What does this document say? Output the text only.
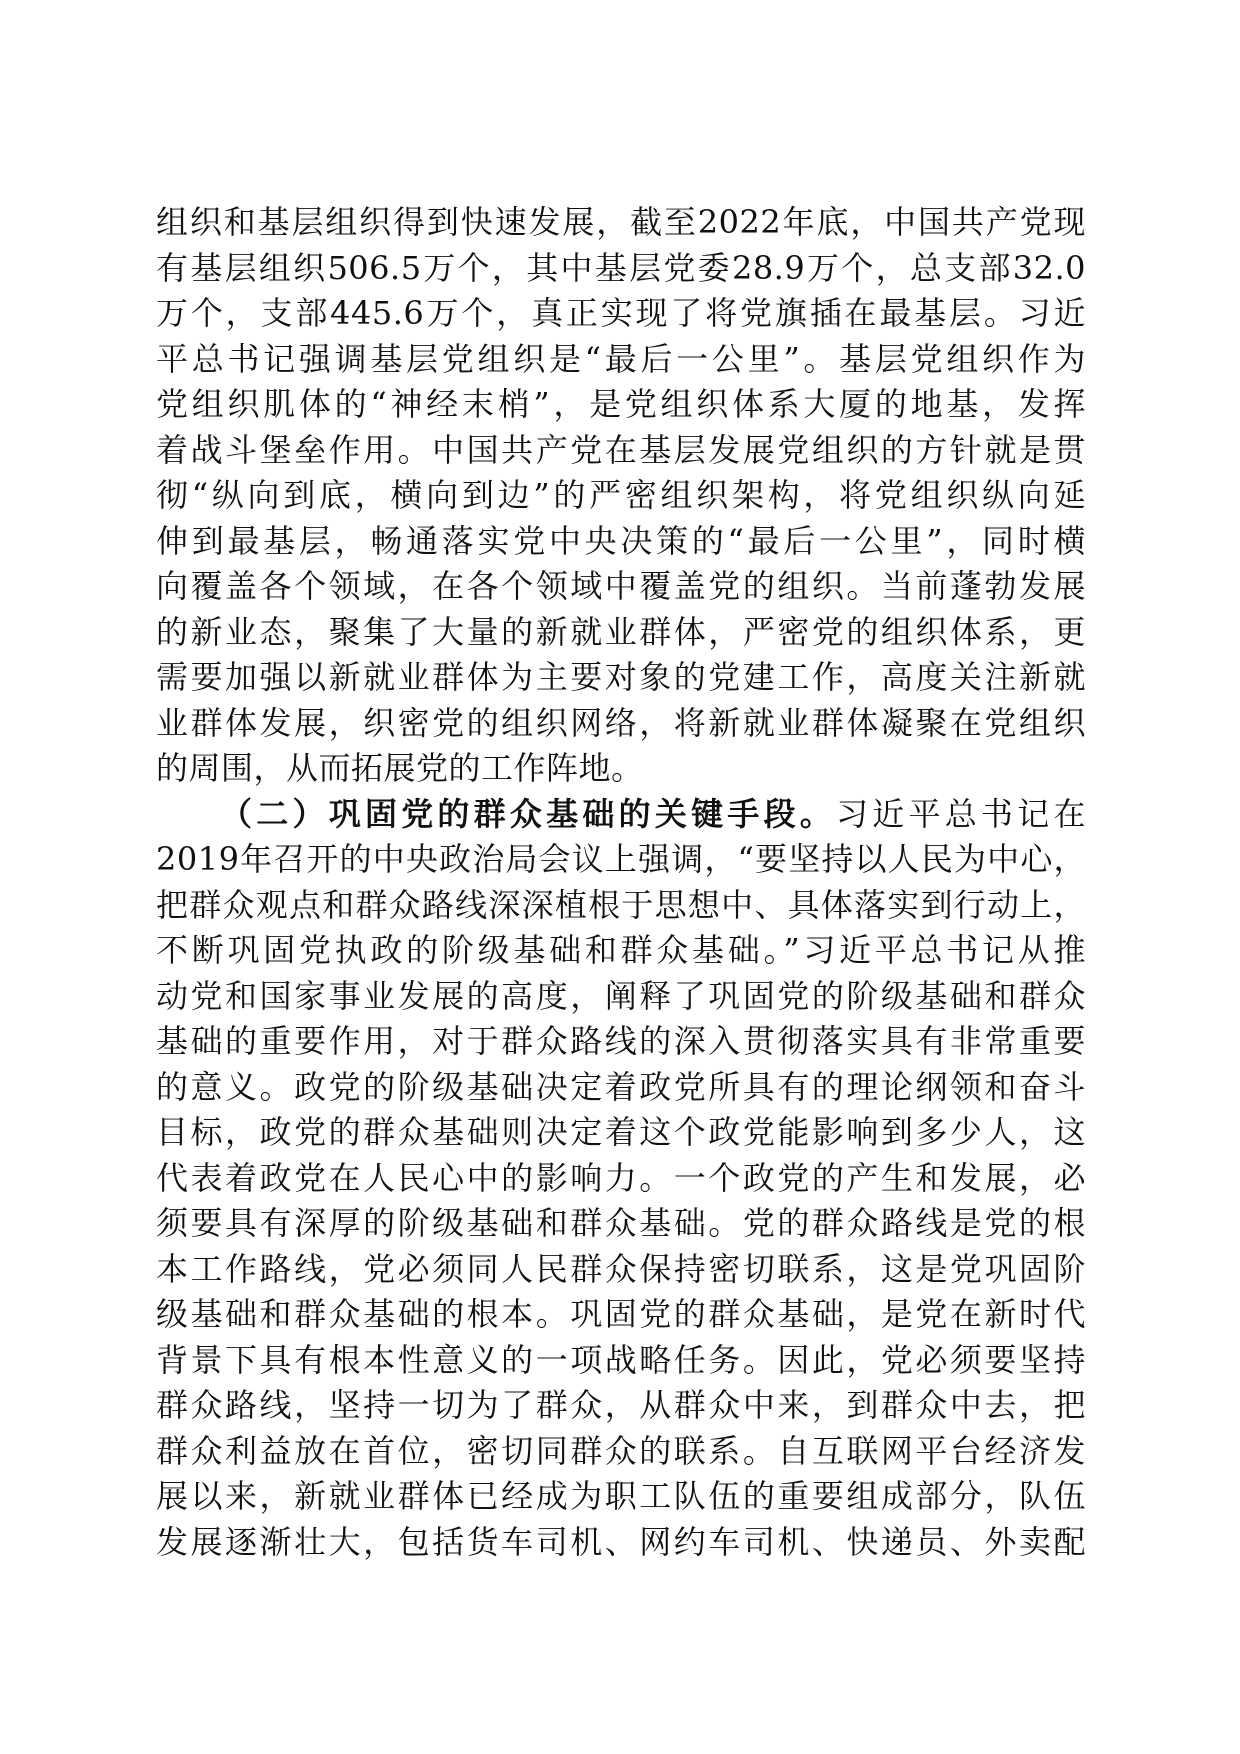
组织和基层组织得到快速发展，截至2022年底，中国共产党现
有基层组织506.5万个，其中基层党委28.9万个，总支部32.0
万个，支部445.6万个，真正实现了将党旗插在最基层。习近
平总书记强调基层党组织是“最后一公里”。基层党组织作为
党组织肌体的“神经末梢”，是党组织体系大厦的地基，发挥
着战斗堡垒作用。中国共产党在基层发展党组织的方针就是贯
彻“纵向到底，横向到边”的严密组织架构，将党组织纵向延
伸到最基层，畅通落实党中央决策的“最后一公里”，同时横
向覆盖各个领域，在各个领域中覆盖党的组织。当前蓬勃发展
的新业态，聚集了大量的新就业群体，严密党的组织体系，更
需要加强以新就业群体为主要对象的党建工作，高度关注新就
业群体发展，织密党的组织网络，将新就业群体凝聚在党组织
的周围，从而拓展党的工作阵地。
（二）巩固党的群众基础的关键手段。习近平总书记在
2019年召开的中央政治局会议上强调，“要坚持以人民为中心，
把群众观点和群众路线深深植根于思想中、具体落实到行动上，
不断巩固党执政的阶级基础和群众基础。”习近平总书记从推
动党和国家事业发展的高度，阐释了巩固党的阶级基础和群众
基础的重要作用，对于群众路线的深入贯彻落实具有非常重要
的意义。政党的阶级基础决定着政党所具有的理论纲领和奋斗
目标，政党的群众基础则决定着这个政党能影响到多少人，这
代表着政党在人民心中的影响力。一个政党的产生和发展，必
须要具有深厚的阶级基础和群众基础。党的群众路线是党的根
本工作路线，党必须同人民群众保持密切联系，这是党巩固阶
级基础和群众基础的根本。巩固党的群众基础，是党在新时代
背景下具有根本性意义的一项战略任务。因此，党必须要坚持
群众路线，坚持一切为了群众，从群众中来，到群众中去，把
群众利益放在首位，密切同群众的联系。自互联网平台经济发
展以来，新就业群体已经成为职工队伍的重要组成部分，队伍
发展逐渐壮大，包括货车司机、网约车司机、快递员、外卖配
